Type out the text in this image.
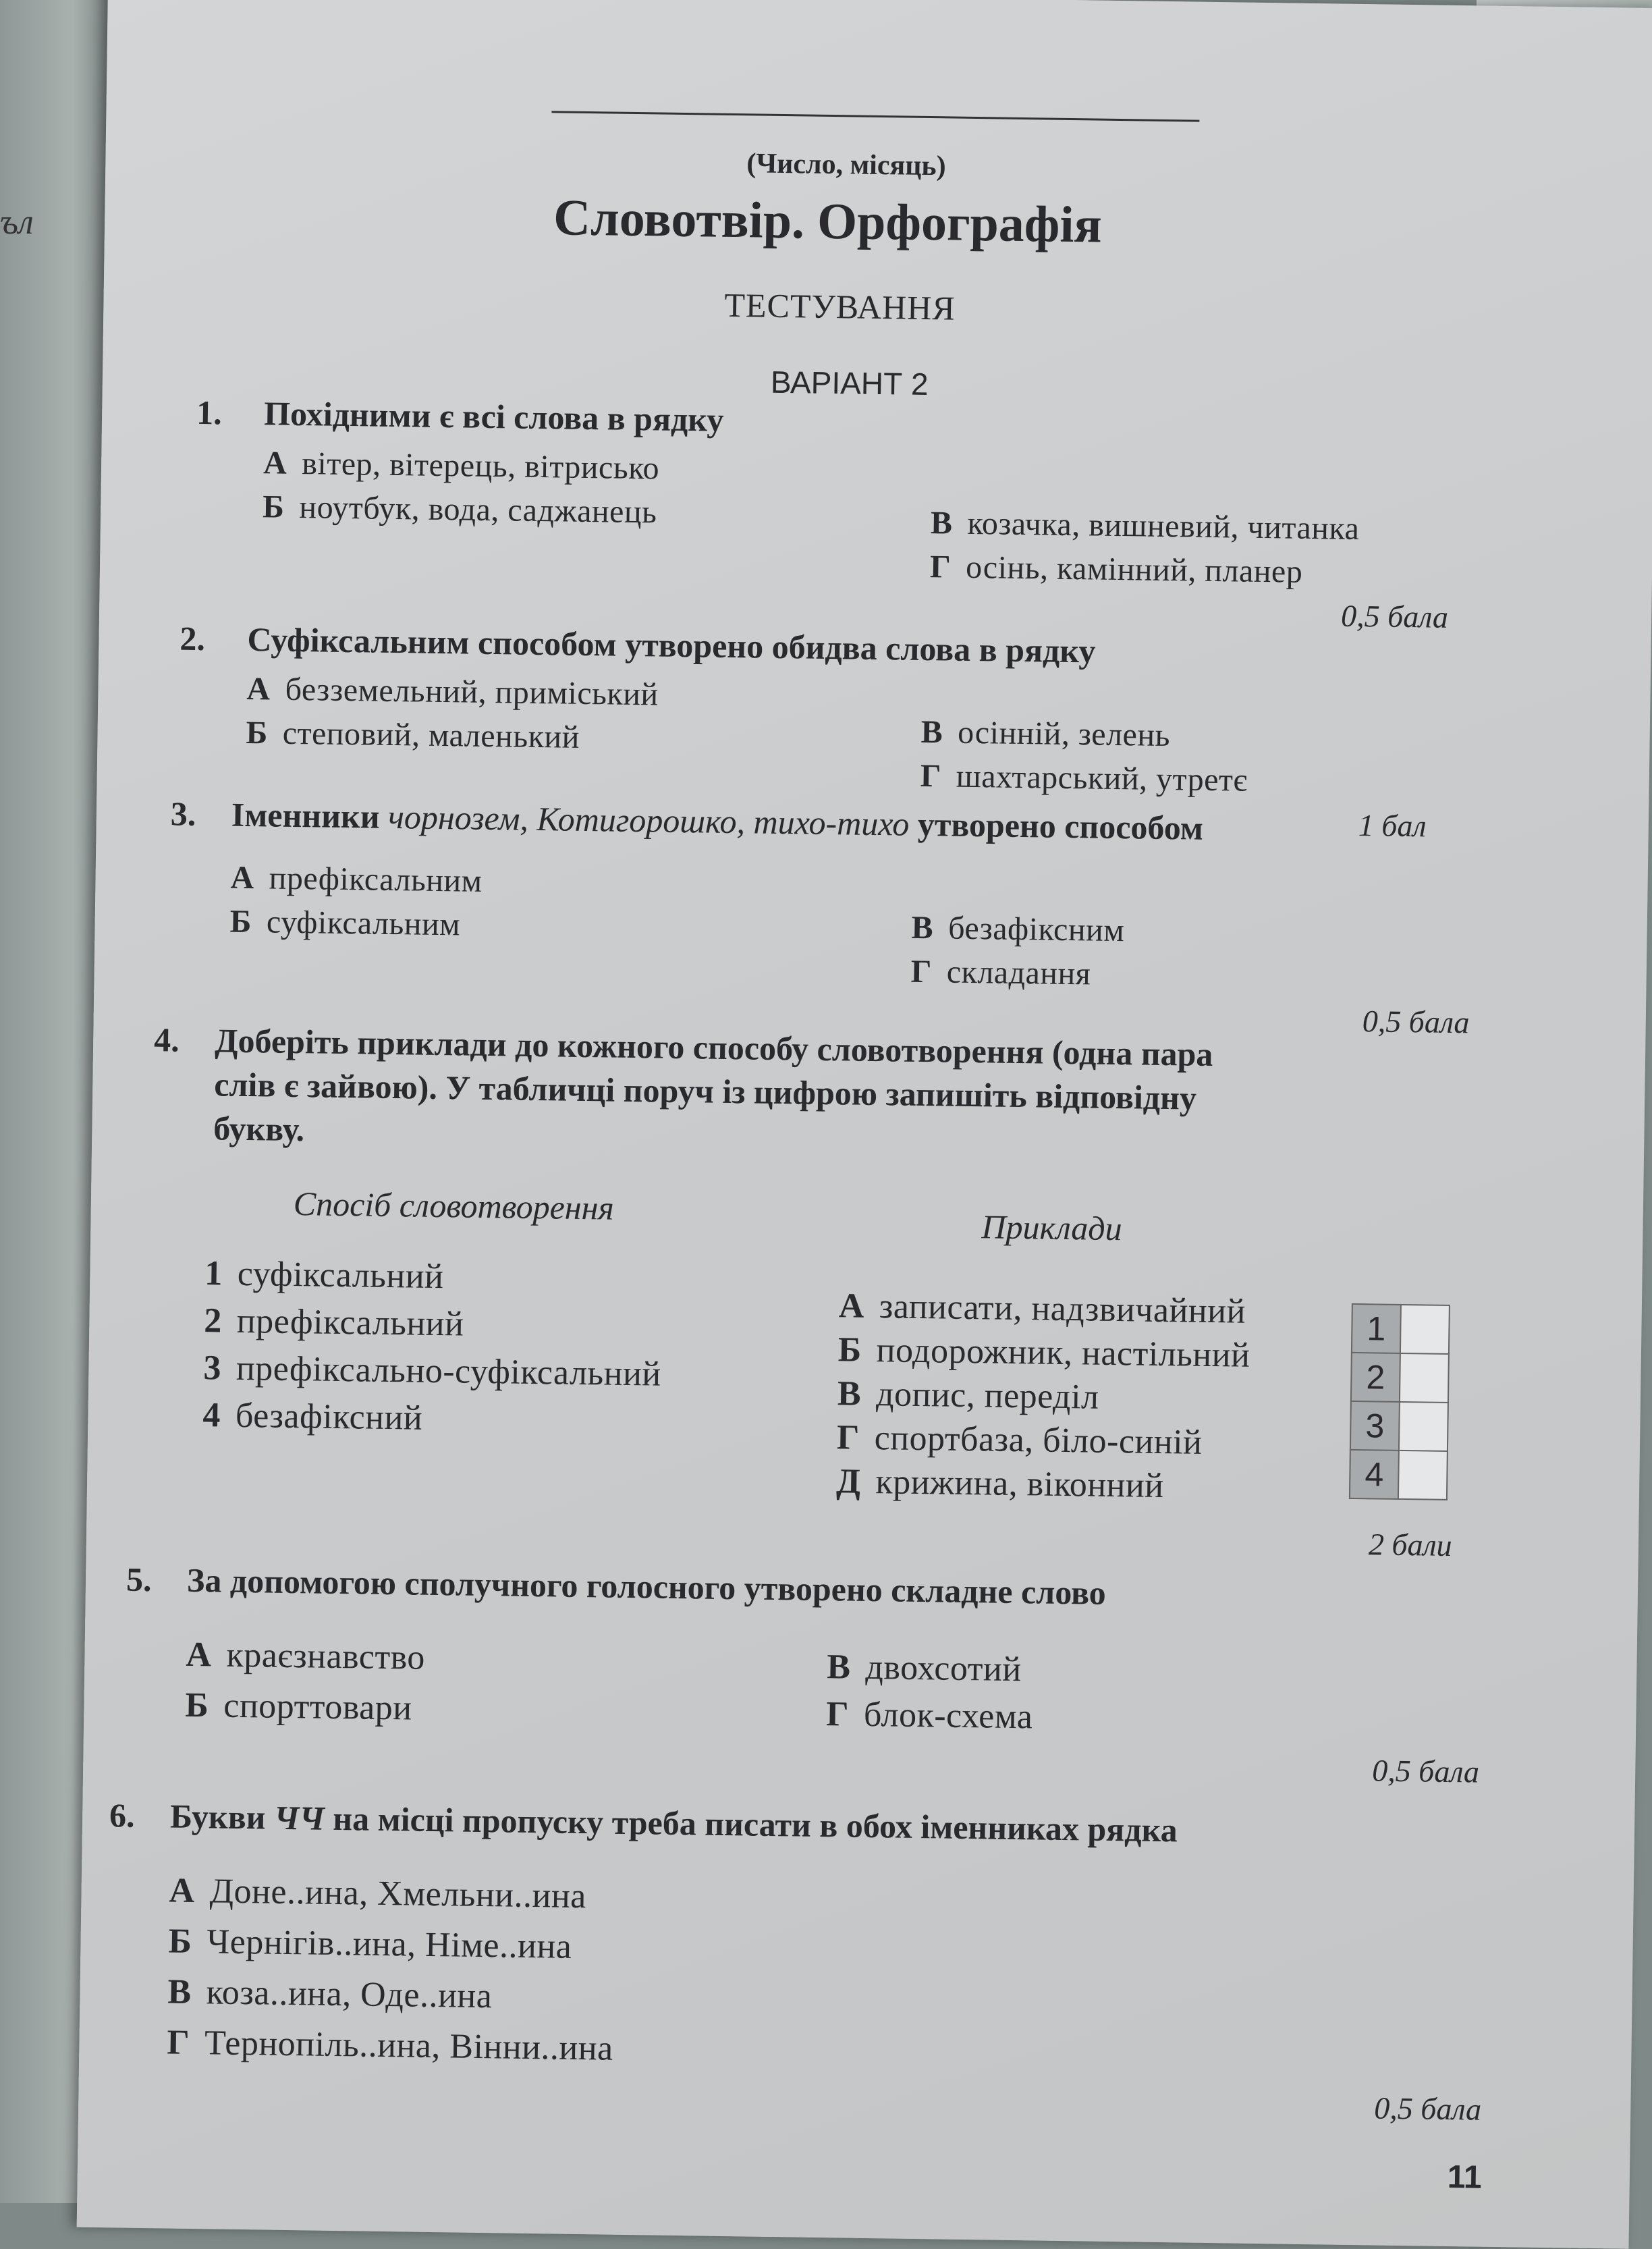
ъл
(Число, місяць)
Словотвір. Орфографія
ТЕСТУВАННЯ
ВАРІАНТ 2
1. Похідними є всі слова в рядку
А вітер, вітерець, вітрисько
Б ноутбук, вода, саджанець	В козачка, вишневий, читанка
Г осінь, камінний, планер
0,5 бала
2. Суфіксальним способом утворено обидва слова в рядку
А безземельний, приміський
Б степовий, маленький	В осінній, зелень
Г шахтарський, утретє
1 бал
3. Іменники чорнозем, Котигорошко, тихо-тихо утворено способом
А префіксальним
Б суфіксальним	В безафіксним
Г складання
0,5 бала
4. Доберіть приклади до кожного способу словотворення (одна пара
слів є зайвою). У табличці поруч із цифрою запишіть відповідну
букву.
Спосіб словотворення
Приклади
1 суфіксальний
2 префіксальний
3 префіксально-суфіксальний
4 безафіксний
А записати, надзвичайний
Б подорожник, настільний
В допис, переділ
Г спортбаза, біло-синій
Д крижина, віконний
1	
2	
3	
4	
2 бали
5. За допомогою сполучного голосного утворено складне слово
А краєзнавство
Б спорттовари
В двохсотий
Г блок-схема
0,5 бала
6. Букви ЧЧ на місці пропуску треба писати в обох іменниках рядка
А Доне..ина, Хмельни..ина
Б Чернігів..ина, Німе..ина
В коза..ина, Оде..ина
Г Тернопіль..ина, Вінни..ина
0,5 бала
11
